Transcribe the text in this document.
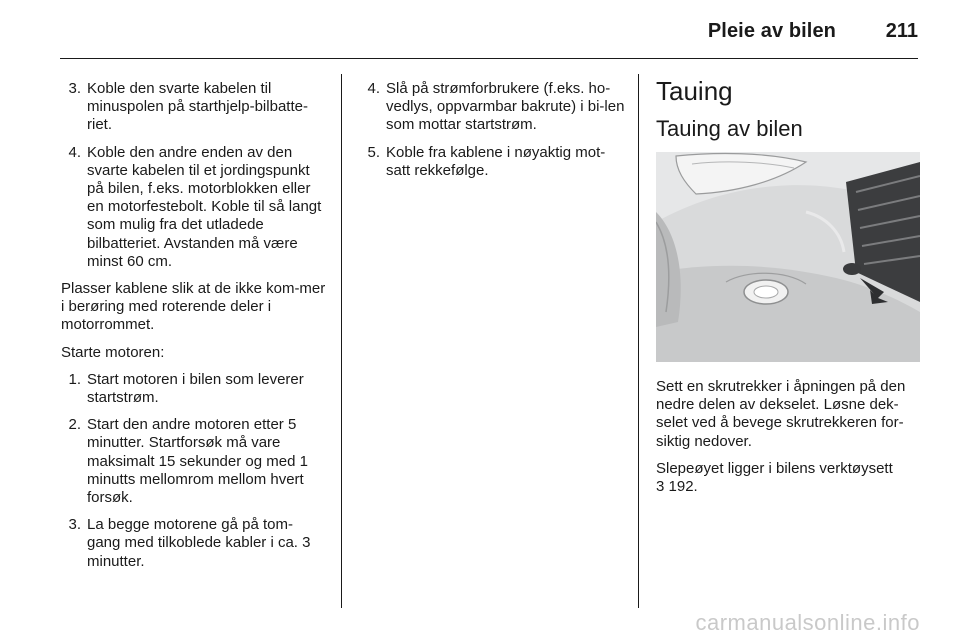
Pleie av bilen 211
3. Koble den svarte kabelen til minuspolen på starthjelp-bilbatte-riet.
4. Koble den andre enden av den svarte kabelen til et jordingspunkt på bilen, f.eks. motorblokken eller en motorfestebolt. Koble til så langt som mulig fra det utladede bilbatteriet. Avstanden må være minst 60 cm.

Plasser kablene slik at de ikke kom-mer i berøring med roterende deler i motorrommet.

Starte motoren:

1. Start motoren i bilen som leverer startstrøm.
2. Start den andre motoren etter 5 minutter. Startforsøk må vare maksimalt 15 sekunder og med 1 minutts mellomrom mellom hvert forsøk.
3. La begge motorene gå på tom-gang med tilkoblede kabler i ca. 3 minutter.
4. Slå på strømforbrukere (f.eks. ho-vedlys, oppvarmbar bakrute) i bi-len som mottar startstrøm.
5. Koble fra kablene i nøyaktig mot-satt rekkefølge.
Tauing
Tauing av bilen

Sett en skrutrekker i åpningen på den nedre delen av dekselet. Løsne dek-selet ved å bevege skrutrekkeren for-siktig nedover.

Slepeøyet ligger i bilens verktøysett
3 192.

carmanualsonline.info
